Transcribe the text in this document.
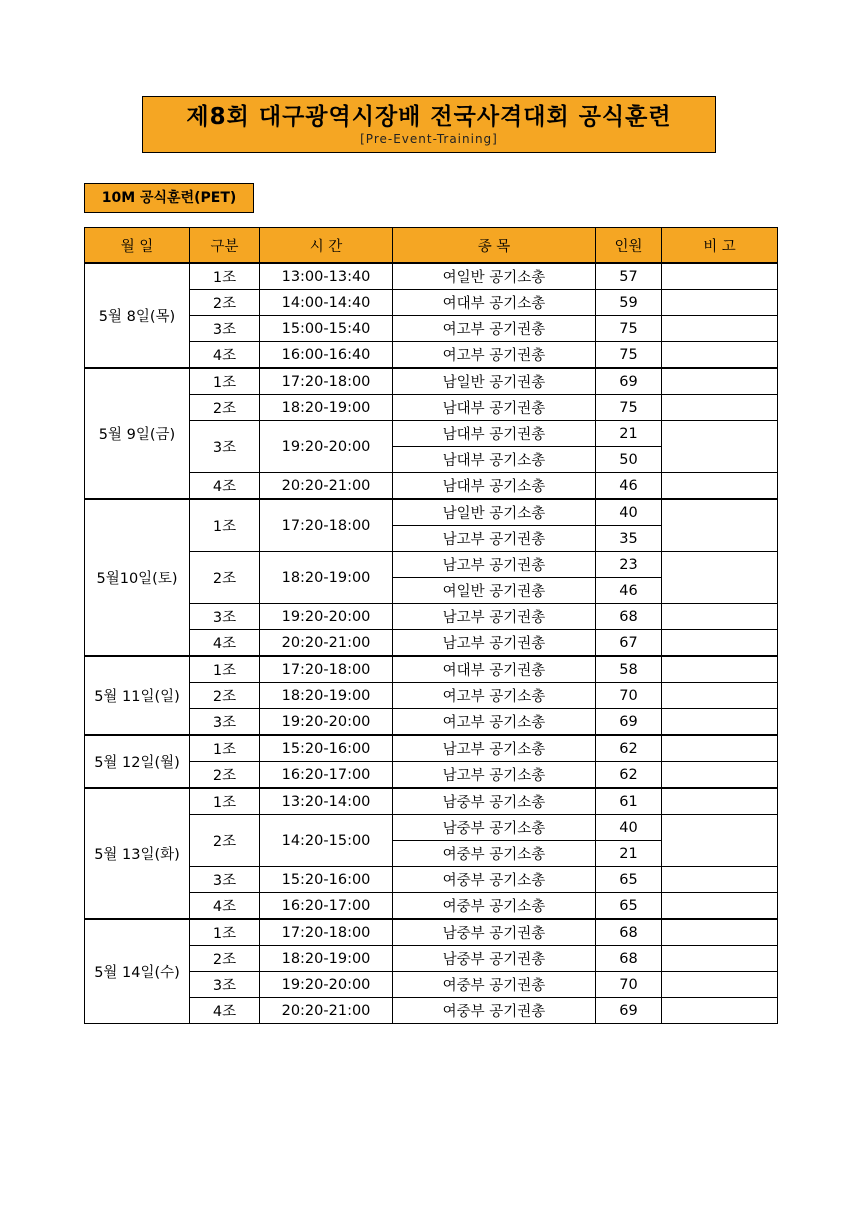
제8회 대구광역시장배 전국사격대회 공식훈련
[Pre-Event-Training]
10M 공식훈련(PET)
월 일	구분	시 간	종 목	인원	비 고
5월 8일(목)	1조	13:00-13:40	여일반 공기소총	57	
	2조	14:00-14:40	여대부 공기소총	59	
	3조	15:00-15:40	여고부 공기권총	75	
	4조	16:00-16:40	여고부 공기권총	75	
5월 9일(금)	1조	17:20-18:00	남일반 공기권총	69	
	2조	18:20-19:00	남대부 공기권총	75	
	3조	19:20-20:00	남대부 공기권총	21	
			남대부 공기소총	50	
	4조	20:20-21:00	남대부 공기소총	46	
5월10일(토)	1조	17:20-18:00	남일반 공기소총	40	
			남고부 공기권총	35	
	2조	18:20-19:00	남고부 공기권총	23	
			여일반 공기권총	46	
	3조	19:20-20:00	남고부 공기권총	68	
	4조	20:20-21:00	남고부 공기권총	67	
5월 11일(일)	1조	17:20-18:00	여대부 공기권총	58	
	2조	18:20-19:00	여고부 공기소총	70	
	3조	19:20-20:00	여고부 공기소총	69	
5월 12일(월)	1조	15:20-16:00	남고부 공기소총	62	
	2조	16:20-17:00	남고부 공기소총	62	
5월 13일(화)	1조	13:20-14:00	남중부 공기소총	61	
	2조	14:20-15:00	남중부 공기소총	40	
			여중부 공기소총	21	
	3조	15:20-16:00	여중부 공기소총	65	
	4조	16:20-17:00	여중부 공기소총	65	
5월 14일(수)	1조	17:20-18:00	남중부 공기권총	68	
	2조	18:20-19:00	남중부 공기권총	68	
	3조	19:20-20:00	여중부 공기권총	70	
	4조	20:20-21:00	여중부 공기권총	69	
